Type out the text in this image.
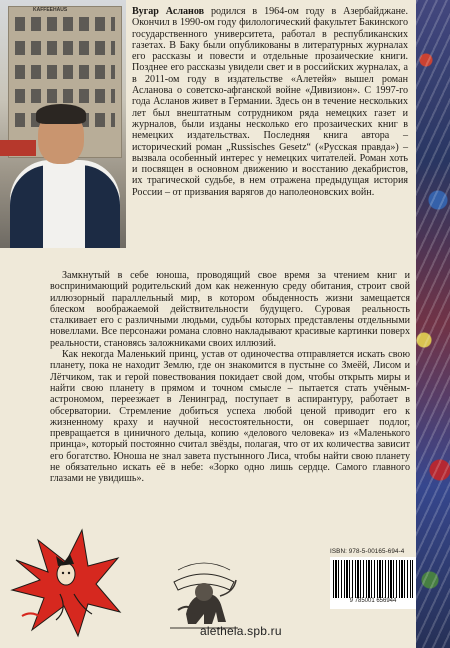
KAFFEEHAUS	Вугар Асланов родился в 1964-ом году в Азербайджане. Окончил в 1990-ом году филологический факультет Бакинского государственного университета, работал в республиканских газетах. В Баку были опубликованы в литературных журналах его рассказы и повести и отдельные прозаические книги. Позднее его рассказы увидели свет и в российских журналах, а в 2011-ом году в издательстве «Алетейя» вышел роман Асланова о советско-афганской войне «Дивизион». С 1997-го года Асланов живет в Германии. Здесь он в течение нескольких лет был внештатным сотрудником ряда немецких газет и журналов, были изданы несколько его прозаических книг в немецких издательствах. Последняя книга автора – исторический роман „Russisches Gesetz“ («Русская правда») – вызвала особенный интерес у немецких читателей. Роман хоть и посвящен в основном движению и восстанию декабристов, их трагической судьбе, в нем отражена предыдущая история России – от призвания варягов до наполеоновских войн.

Замкнутый в себе юноша, проводящий свое время за чтением книг и воспринимающий родительский дом как неженную среду обитания, строит свой иллюзорный параллельный мир, в котором обыденность жизни замещается блеском воображаемой действительности будущего. Суровая реальность сталкивает его с различными людьми, судьбы которых представлены отдельными новеллами. Все персонажи романа словно накладывают красивые картинки поверх реальности, становясь заложниками своих иллюзий.

Как некогда Маленький принц, устав от одиночества отправляется искать свою планету, пока не находит Землю, где он знакомится в пустыне со Змеёй, Лисом и Лётчиком, так и герой повествования покидает свой дом, чтобы открыть миры и найти свою планету в прямом и точном смысле – пытается стать учёным-астрономом, переезжает в Ленинград, поступает в аспирантуру, работает в обсерватории. Стремление добиться успеха любой ценой приводит его к жизненному краху и научной несостоятельности, он совершает подлог, превращается в циничного дельца, копию «делового человека» из «Маленького принца», который постоянно считал звёзды, полагая, что от их количества зависит его богатство. Юноша не знал завета пустынного Лиса, чтобы найти свою планету не обязательно искать её в небе: «Зорко одно лишь сердце. Самого главного глазами не увидишь».

ISBN: 978-5-00165-694-4
9 785001 656944
aletheia.spb.ru
